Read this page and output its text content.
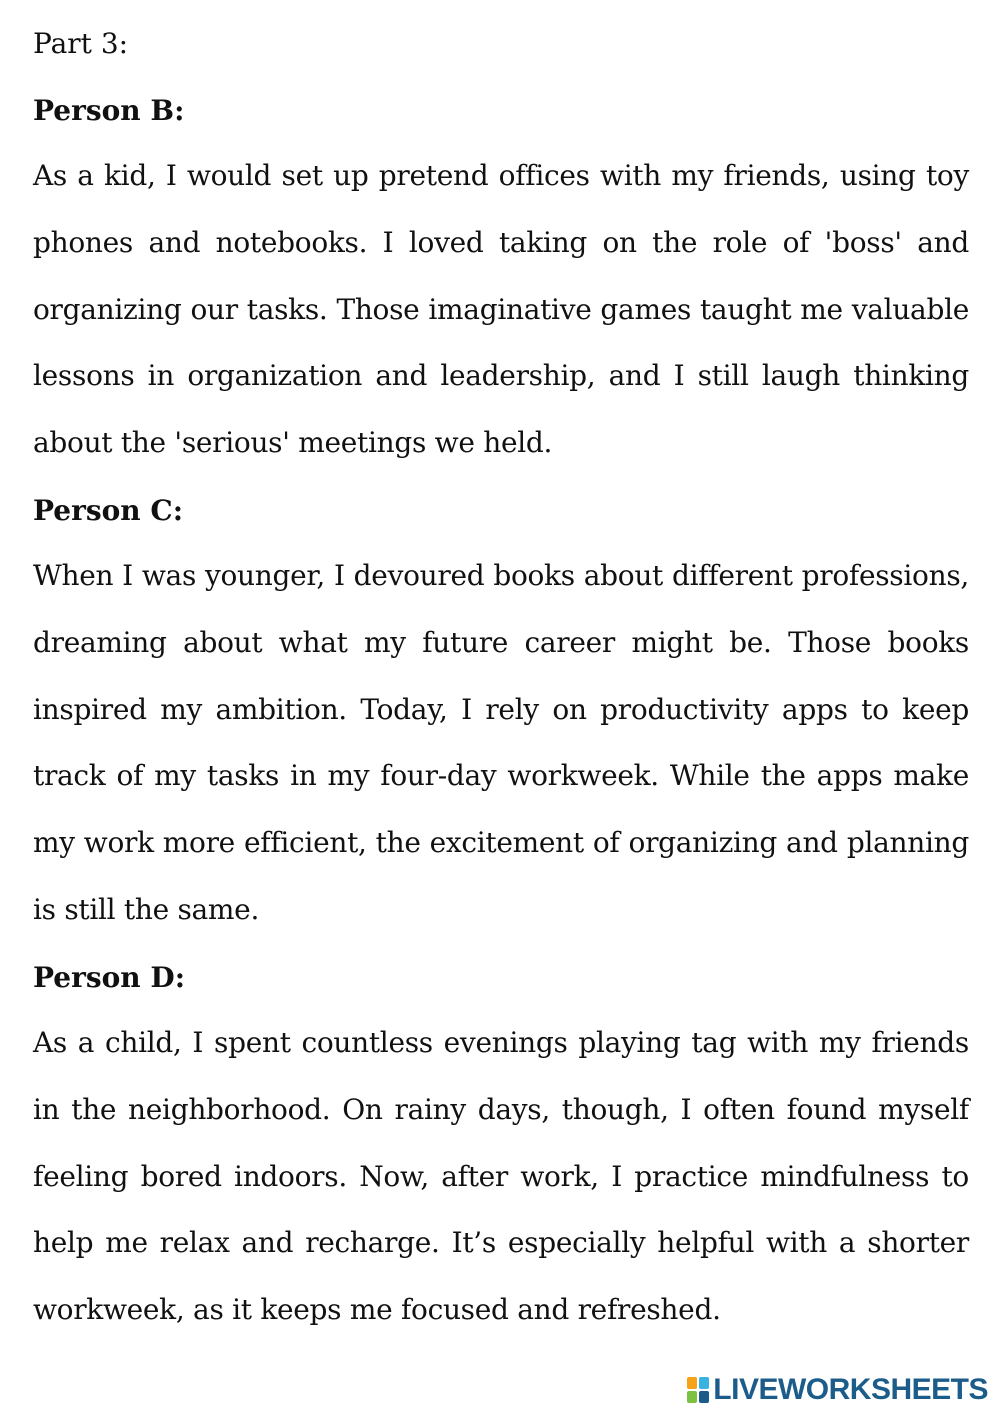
Part 3:

Person B:

As a kid, I would set up pretend offices with my friends, using toy phones and notebooks. I loved taking on the role of 'boss' and organizing our tasks. Those imaginative games taught me valuable lessons in organization and leadership, and I still laugh thinking about the 'serious' meetings we held.

Person C:

When I was younger, I devoured books about different professions, dreaming about what my future career might be. Those books inspired my ambition. Today, I rely on productivity apps to keep track of my tasks in my four-day workweek. While the apps make my work more efficient, the excitement of organizing and planning is still the same.

Person D:

As a child, I spent countless evenings playing tag with my friends in the neighborhood. On rainy days, though, I often found myself feeling bored indoors. Now, after work, I practice mindfulness to help me relax and recharge. It’s especially helpful with a shorter workweek, as it keeps me focused and refreshed.

LIVEWORKSHEETS
